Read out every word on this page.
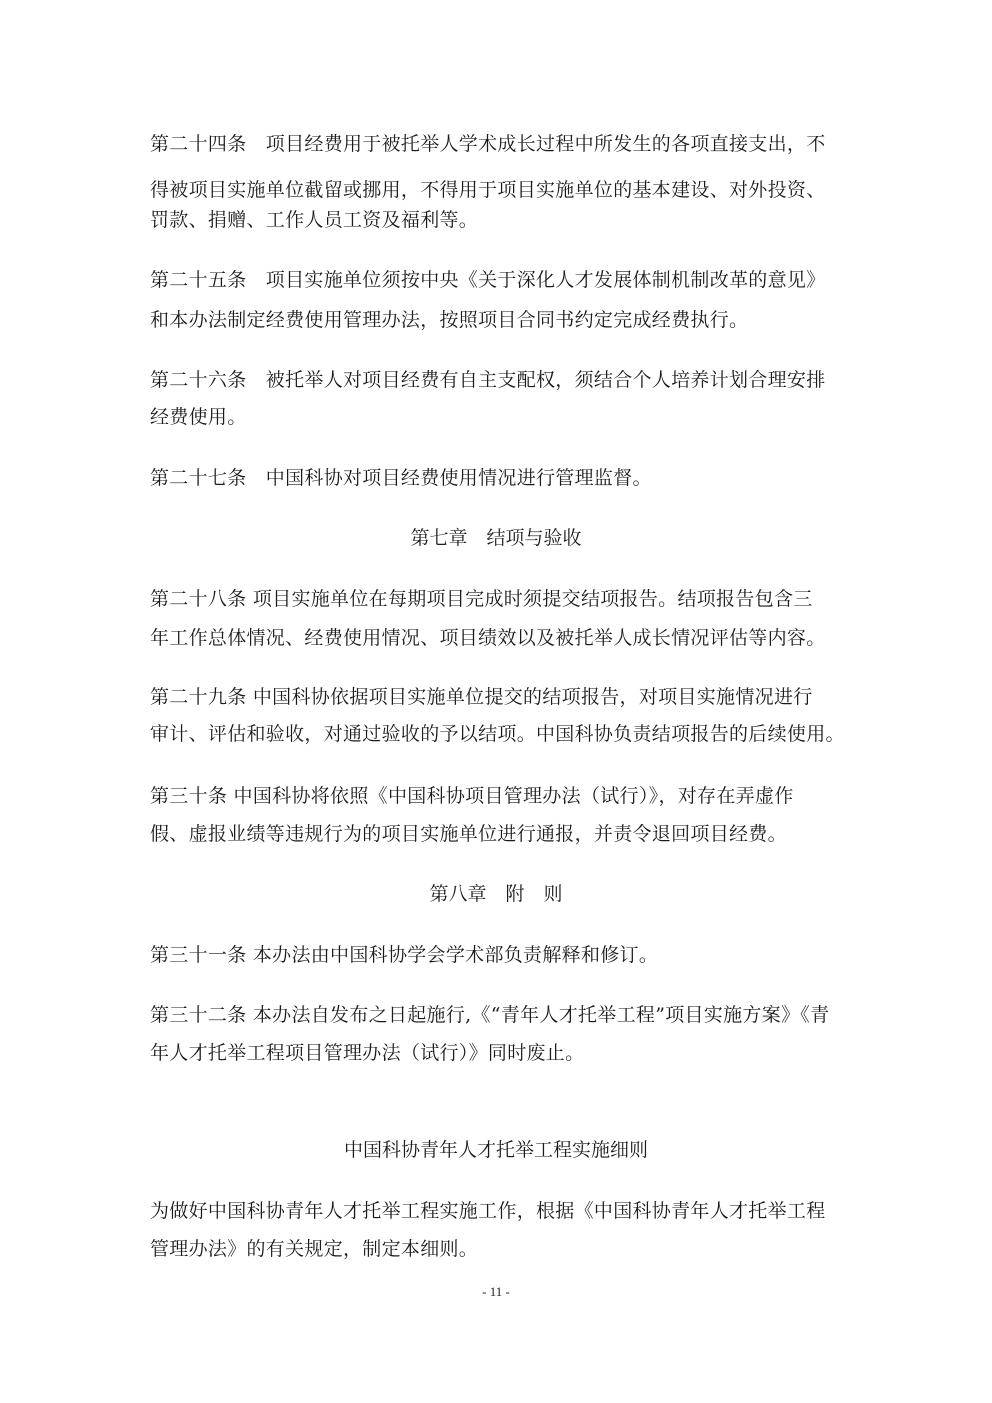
第二十四条　项目经费用于被托举人学术成长过程中所发生的各项直接支出，不
得被项目实施单位截留或挪用，不得用于项目实施单位的基本建设、对外投资、
罚款、捐赠、工作人员工资及福利等。
第二十五条　项目实施单位须按中央《关于深化人才发展体制机制改革的意见》
和本办法制定经费使用管理办法，按照项目合同书约定完成经费执行。
第二十六条　被托举人对项目经费有自主支配权，须结合个人培养计划合理安排
经费使用。
第二十七条　中国科协对项目经费使用情况进行管理监督。
第七章　结项与验收
第二十八条 项目实施单位在每期项目完成时须提交结项报告。结项报告包含三
年工作总体情况、经费使用情况、项目绩效以及被托举人成长情况评估等内容。
第二十九条 中国科协依据项目实施单位提交的结项报告，对项目实施情况进行
审计、评估和验收，对通过验收的予以结项。中国科协负责结项报告的后续使用。
第三十条 中国科协将依照《中国科协项目管理办法（试行）》，对存在弄虚作
假、虚报业绩等违规行为的项目实施单位进行通报，并责令退回项目经费。
第八章　附　则
第三十一条 本办法由中国科协学会学术部负责解释和修订。
第三十二条 本办法自发布之日起施行,《“青年人才托举工程”项目实施方案》《青
年人才托举工程项目管理办法（试行）》同时废止。
中国科协青年人才托举工程实施细则
为做好中国科协青年人才托举工程实施工作，根据《中国科协青年人才托举工程
管理办法》的有关规定，制定本细则。
- 11 -
